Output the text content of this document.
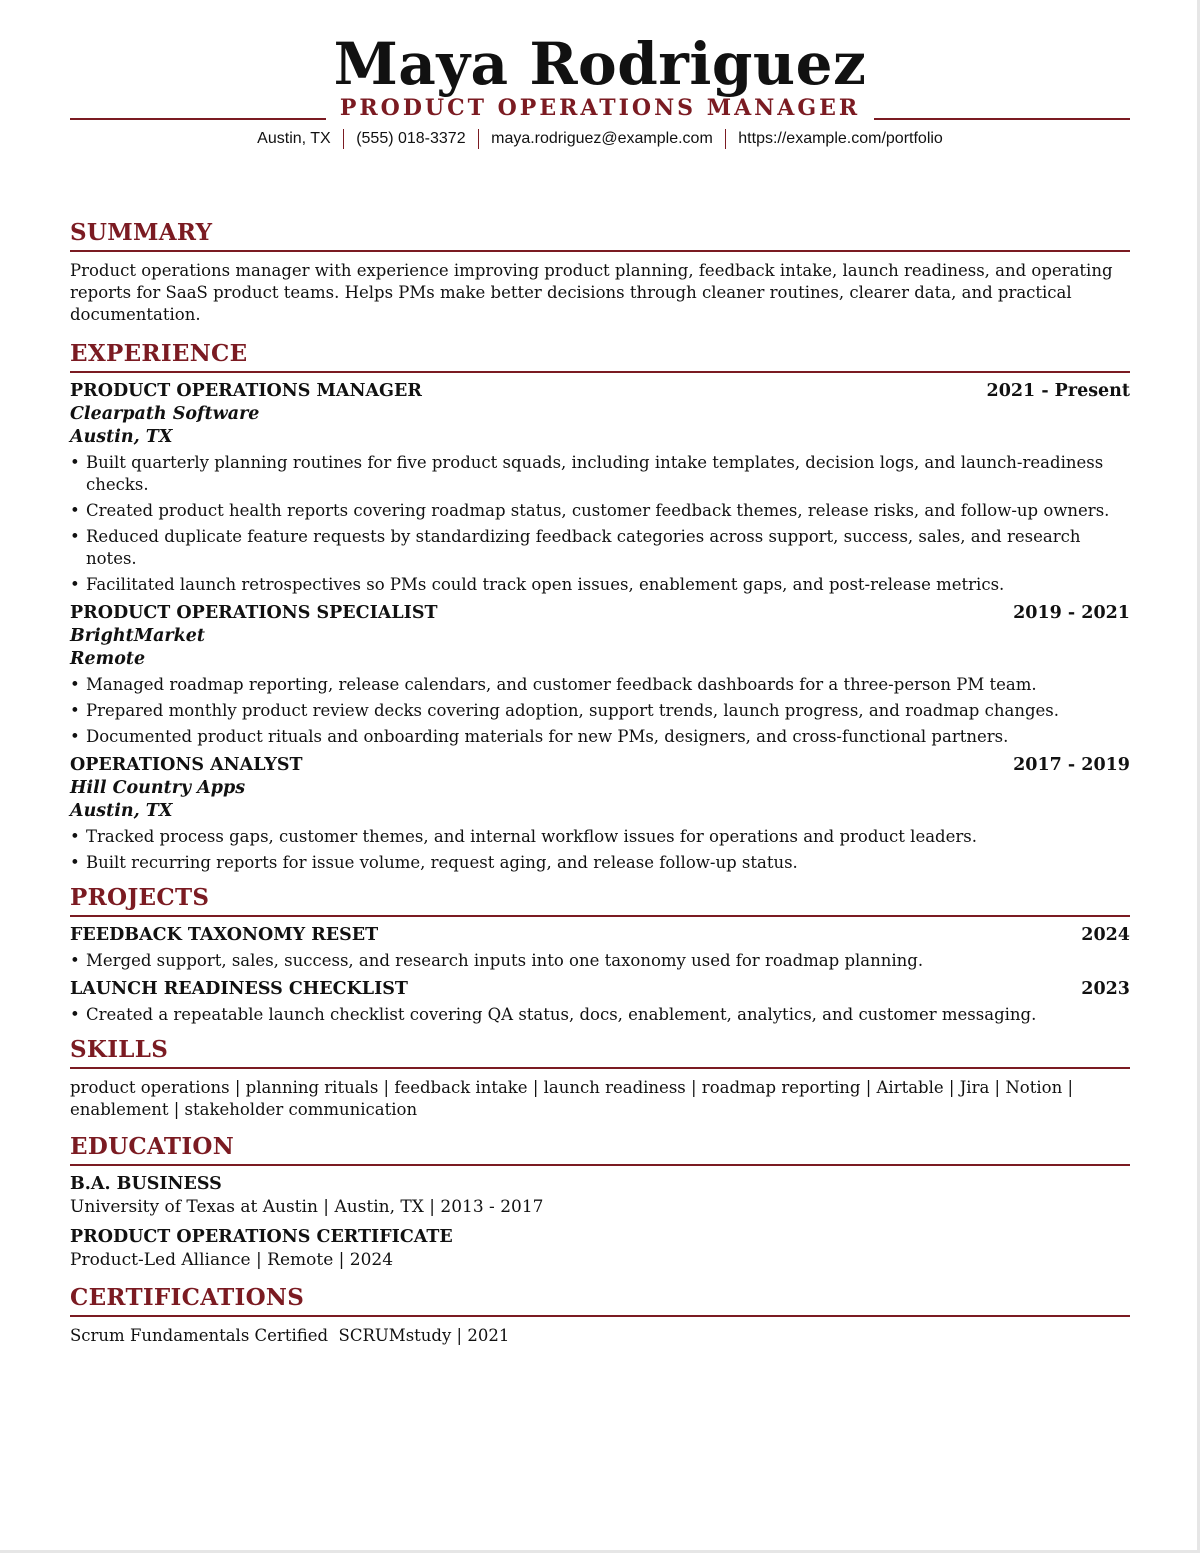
Maya Rodriguez
PRODUCT OPERATIONS MANAGER
Austin, TX (555) 018-3372 maya.rodriguez@example.com https://example.com/portfolio
SUMMARY
Product operations manager with experience improving product planning, feedback intake, launch readiness, and operating reports for SaaS product teams. Helps PMs make better decisions through cleaner routines, clearer data, and practical documentation.
EXPERIENCE
PRODUCT OPERATIONS MANAGER	2021 - Present
Clearpath Software
Austin, TX
• Built quarterly planning routines for five product squads, including intake templates, decision logs, and launch-readiness checks.
• Created product health reports covering roadmap status, customer feedback themes, release risks, and follow-up owners.
• Reduced duplicate feature requests by standardizing feedback categories across support, success, sales, and research notes.
• Facilitated launch retrospectives so PMs could track open issues, enablement gaps, and post-release metrics.
PRODUCT OPERATIONS SPECIALIST	2019 - 2021
BrightMarket
Remote
• Managed roadmap reporting, release calendars, and customer feedback dashboards for a three-person PM team.
• Prepared monthly product review decks covering adoption, support trends, launch progress, and roadmap changes.
• Documented product rituals and onboarding materials for new PMs, designers, and cross-functional partners.
OPERATIONS ANALYST	2017 - 2019
Hill Country Apps
Austin, TX
• Tracked process gaps, customer themes, and internal workflow issues for operations and product leaders.
• Built recurring reports for issue volume, request aging, and release follow-up status.
PROJECTS
FEEDBACK TAXONOMY RESET	2024
• Merged support, sales, success, and research inputs into one taxonomy used for roadmap planning.
LAUNCH READINESS CHECKLIST	2023
• Created a repeatable launch checklist covering QA status, docs, enablement, analytics, and customer messaging.
SKILLS
product operations | planning rituals | feedback intake | launch readiness | roadmap reporting | Airtable | Jira | Notion | enablement | stakeholder communication
EDUCATION
B.A. BUSINESS
University of Texas at Austin | Austin, TX | 2013 - 2017
PRODUCT OPERATIONS CERTIFICATE
Product-Led Alliance | Remote | 2024
CERTIFICATIONS
Scrum Fundamentals Certified  SCRUMstudy | 2021
